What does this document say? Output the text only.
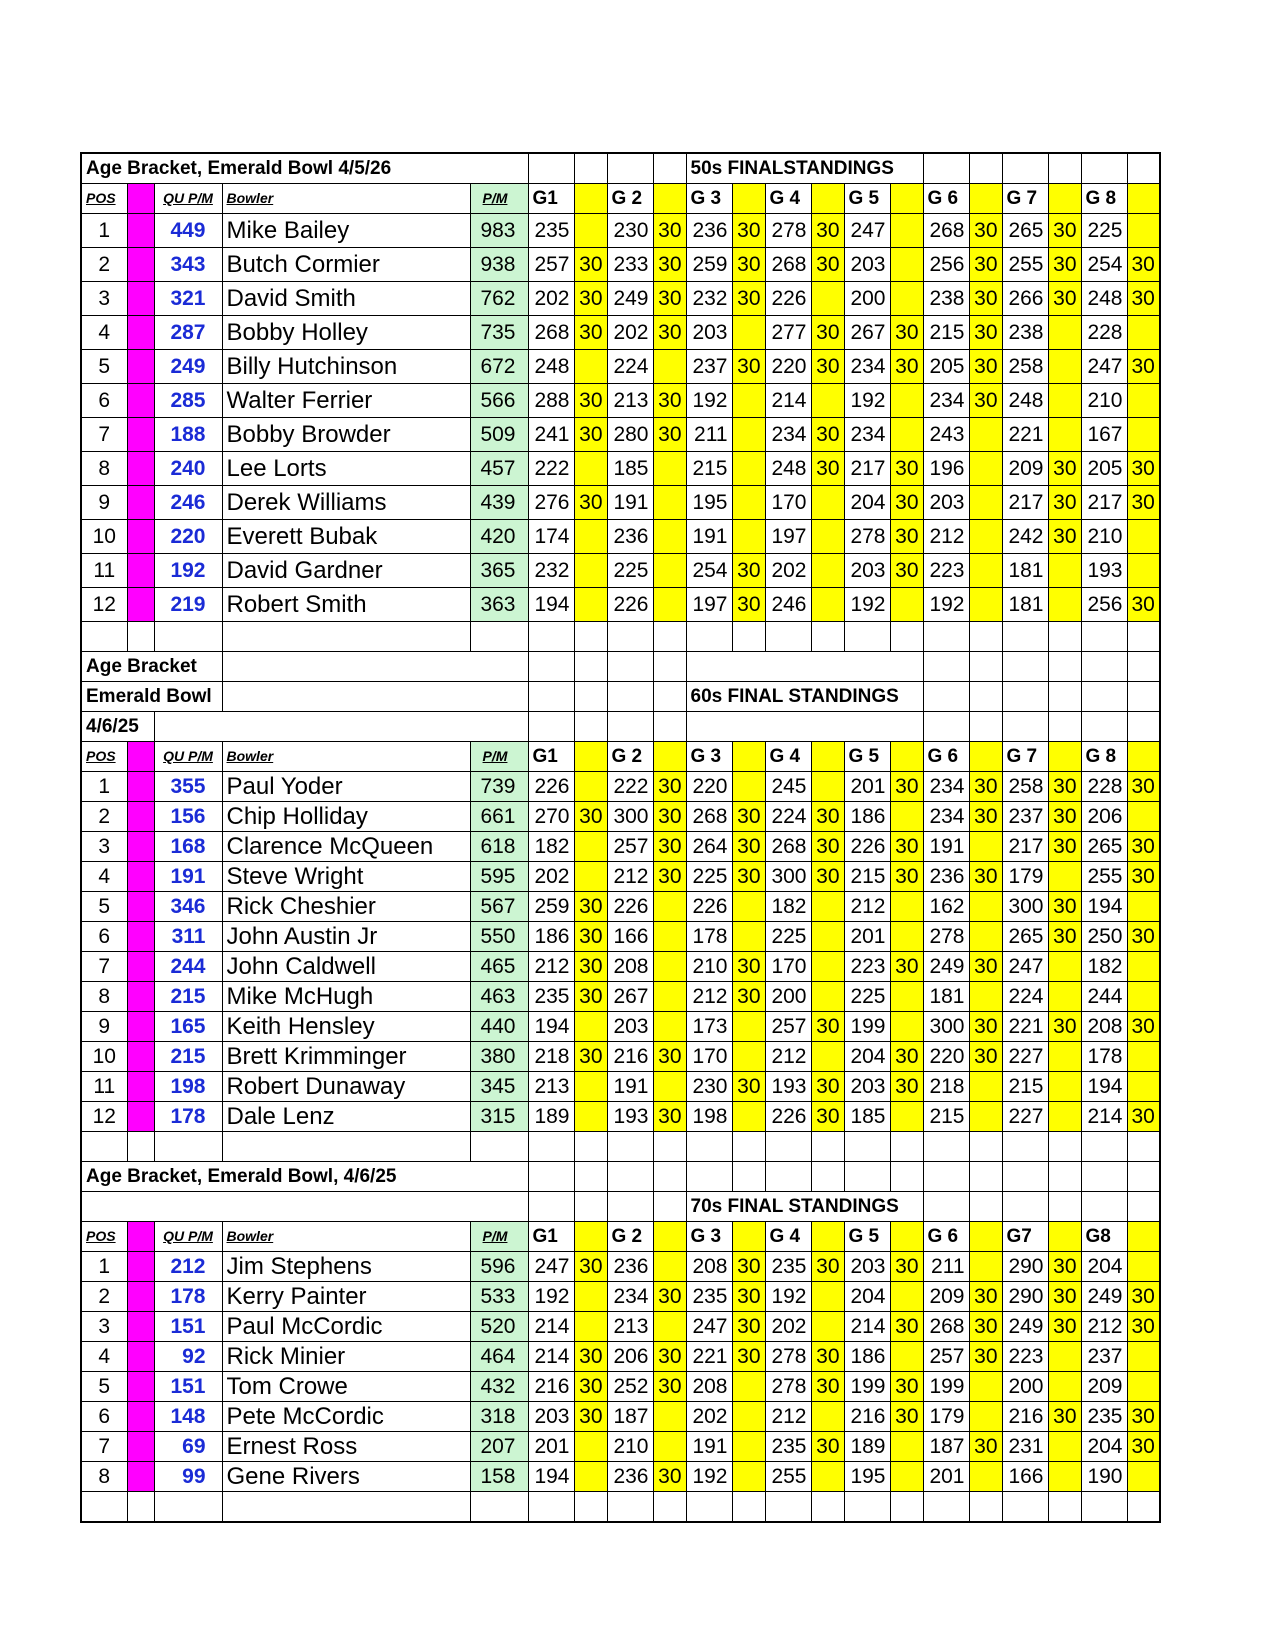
Age Bracket, Emerald Bowl 4/5/26									50s FINALSTANDINGS											
POS		QU P/M	Bowler	P/M	G1		G 2		G 3		G 4		G 5		G 6		G 7		G 8	
1		449	Mike Bailey	983	235		230	30	236	30	278	30	247		268	30	265	30	225	
2		343	Butch Cormier	938	257	30	233	30	259	30	268	30	203		256	30	255	30	254	30
3		321	David Smith	762	202	30	249	30	232	30	226		200		238	30	266	30	248	30
4		287	Bobby Holley	735	268	30	202	30	203		277	30	267	30	215	30	238		228	
5		249	Billy Hutchinson	672	248		224		237	30	220	30	234	30	205	30	258		247	30
6		285	Walter Ferrier	566	288	30	213	30	192		214		192		234	30	248		210	
7		188	Bobby Browder	509	241	30	280	30	211		234	30	234		243		221		167	
8		240	Lee Lorts	457	222		185		215		248	30	217	30	196		209	30	205	30
9		246	Derek Williams	439	276	30	191		195		170		204	30	203		217	30	217	30
10		220	Everett Bubak	420	174		236		191		197		278	30	212		242	30	210	
11		192	David Gardner	365	232		225		254	30	202		203	30	223		181		193	
12		219	Robert Smith	363	194		226		197	30	246		192		192		181		256	30

Age Bracket																				
Emerald Bowl									60s FINAL STANDINGS											
4/6/25																				
POS		QU P/M	Bowler	P/M	G1		G 2		G 3		G 4		G 5		G 6		G 7		G 8	
1		355	Paul Yoder	739	226		222	30	220		245		201	30	234	30	258	30	228	30
2		156	Chip Holliday	661	270	30	300	30	268	30	224	30	186		234	30	237	30	206	
3		168	Clarence McQueen	618	182		257	30	264	30	268	30	226	30	191		217	30	265	30
4		191	Steve Wright	595	202		212	30	225	30	300	30	215	30	236	30	179		255	30
5		346	Rick Cheshier	567	259	30	226		226		182		212		162		300	30	194	
6		311	John Austin Jr	550	186	30	166		178		225		201		278		265	30	250	30
7		244	John Caldwell	465	212	30	208		210	30	170		223	30	249	30	247		182	
8		215	Mike McHugh	463	235	30	267		212	30	200		225		181		224		244	
9		165	Keith Hensley	440	194		203		173		257	30	199		300	30	221	30	208	30
10		215	Brett Krimminger	380	218	30	216	30	170		212		204	30	220	30	227		178	
11		198	Robert Dunaway	345	213		191		230	30	193	30	203	30	218		215		194	
12		178	Dale Lenz	315	189		193	30	198		226	30	185		215		227		214	30

Age Bracket, Emerald Bowl, 4/6/25																				
									70s FINAL STANDINGS											
POS		QU P/M	Bowler	P/M	G1		G 2		G 3		G 4		G 5		G 6		G7		G8	
1		212	Jim Stephens	596	247	30	236		208	30	235	30	203	30	211		290	30	204	
2		178	Kerry Painter	533	192		234	30	235	30	192		204		209	30	290	30	249	30
3		151	Paul McCordic	520	214		213		247	30	202		214	30	268	30	249	30	212	30
4		92	Rick Minier	464	214	30	206	30	221	30	278	30	186		257	30	223		237	
5		151	Tom Crowe	432	216	30	252	30	208		278	30	199	30	199		200		209	
6		148	Pete McCordic	318	203	30	187		202		212		216	30	179		216	30	235	30
7		69	Ernest Ross	207	201		210		191		235	30	189		187	30	231		204	30
8		99	Gene Rivers	158	194		236	30	192		255		195		201		166		190	
